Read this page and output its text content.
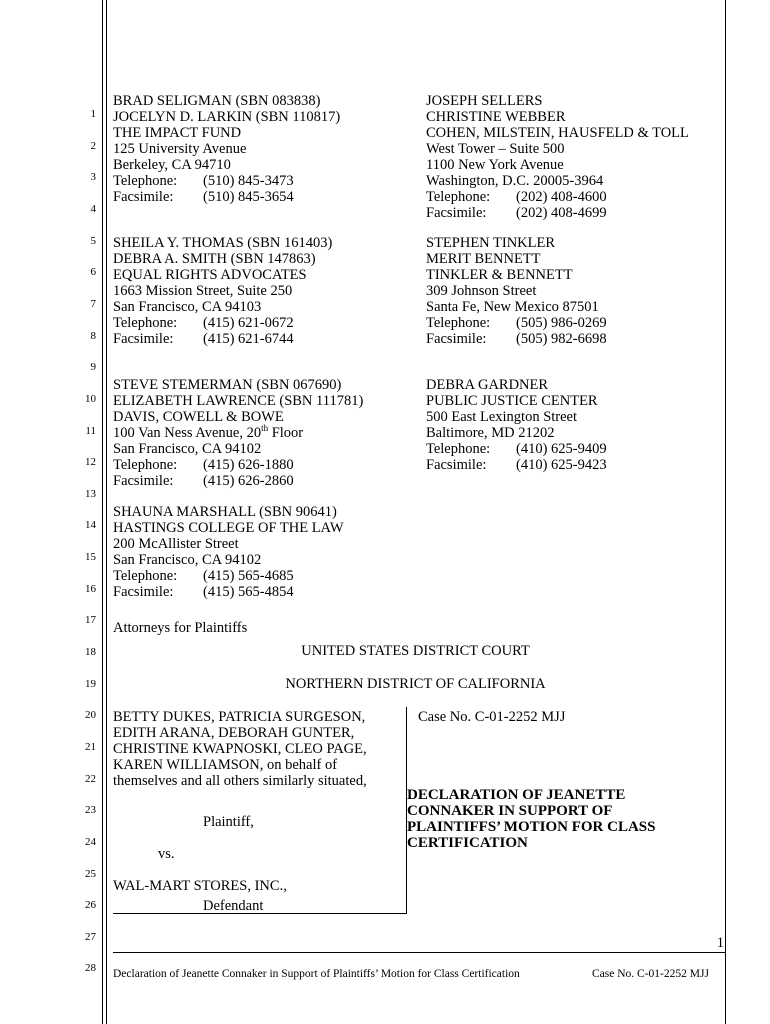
1
2
3
4
5
6
7
8
9
10
11
12
13
14
15
16
17
18
19
20
21
22
23
24
25
26
27
28
BRAD SELIGMAN (SBN 083838)
JOCELYN D. LARKIN (SBN 110817)
THE IMPACT FUND
125 University Avenue
Berkeley, CA 94710
Telephone: (510) 845-3473
Facsimile: (510) 845-3654
SHEILA Y. THOMAS (SBN 161403)
DEBRA A. SMITH (SBN 147863)
EQUAL RIGHTS ADVOCATES
1663 Mission Street, Suite 250
San Francisco, CA 94103
Telephone: (415) 621-0672
Facsimile: (415) 621-6744
STEVE STEMERMAN (SBN 067690)
ELIZABETH LAWRENCE (SBN 111781)
DAVIS, COWELL & BOWE
100 Van Ness Avenue, 20th Floor
San Francisco, CA 94102
Telephone: (415) 626-1880
Facsimile: (415) 626-2860
SHAUNA MARSHALL (SBN 90641)
HASTINGS COLLEGE OF THE LAW
200 McAllister Street
San Francisco, CA 94102
Telephone: (415) 565-4685
Facsimile: (415) 565-4854
JOSEPH SELLERS
CHRISTINE WEBBER
COHEN, MILSTEIN, HAUSFELD & TOLL
West Tower – Suite 500
1100 New York Avenue
Washington, D.C. 20005-3964
Telephone: (202) 408-4600
Facsimile: (202) 408-4699
STEPHEN TINKLER
MERIT BENNETT
TINKLER & BENNETT
309 Johnson Street
Santa Fe, New Mexico 87501
Telephone: (505) 986-0269
Facsimile: (505) 982-6698
DEBRA GARDNER
PUBLIC JUSTICE CENTER
500 East Lexington Street
Baltimore, MD 21202
Telephone: (410) 625-9409
Facsimile: (410) 625-9423
Attorneys for Plaintiffs
UNITED STATES DISTRICT COURT
NORTHERN DISTRICT OF CALIFORNIA
BETTY DUKES, PATRICIA SURGESON,
EDITH ARANA, DEBORAH GUNTER,
CHRISTINE KWAPNOSKI, CLEO PAGE,
KAREN WILLIAMSON, on behalf of
themselves and all others similarly situated,
Plaintiff,
vs.
WAL-MART STORES, INC.,
Defendant
Case No. C-01-2252 MJJ
DECLARATION OF JEANETTE
CONNAKER IN SUPPORT OF
PLAINTIFFS’ MOTION FOR CLASS
CERTIFICATION
1
Declaration of Jeanette Connaker in Support of Plaintiffs’ Motion for Class Certification	Case No. C-01-2252 MJJ
